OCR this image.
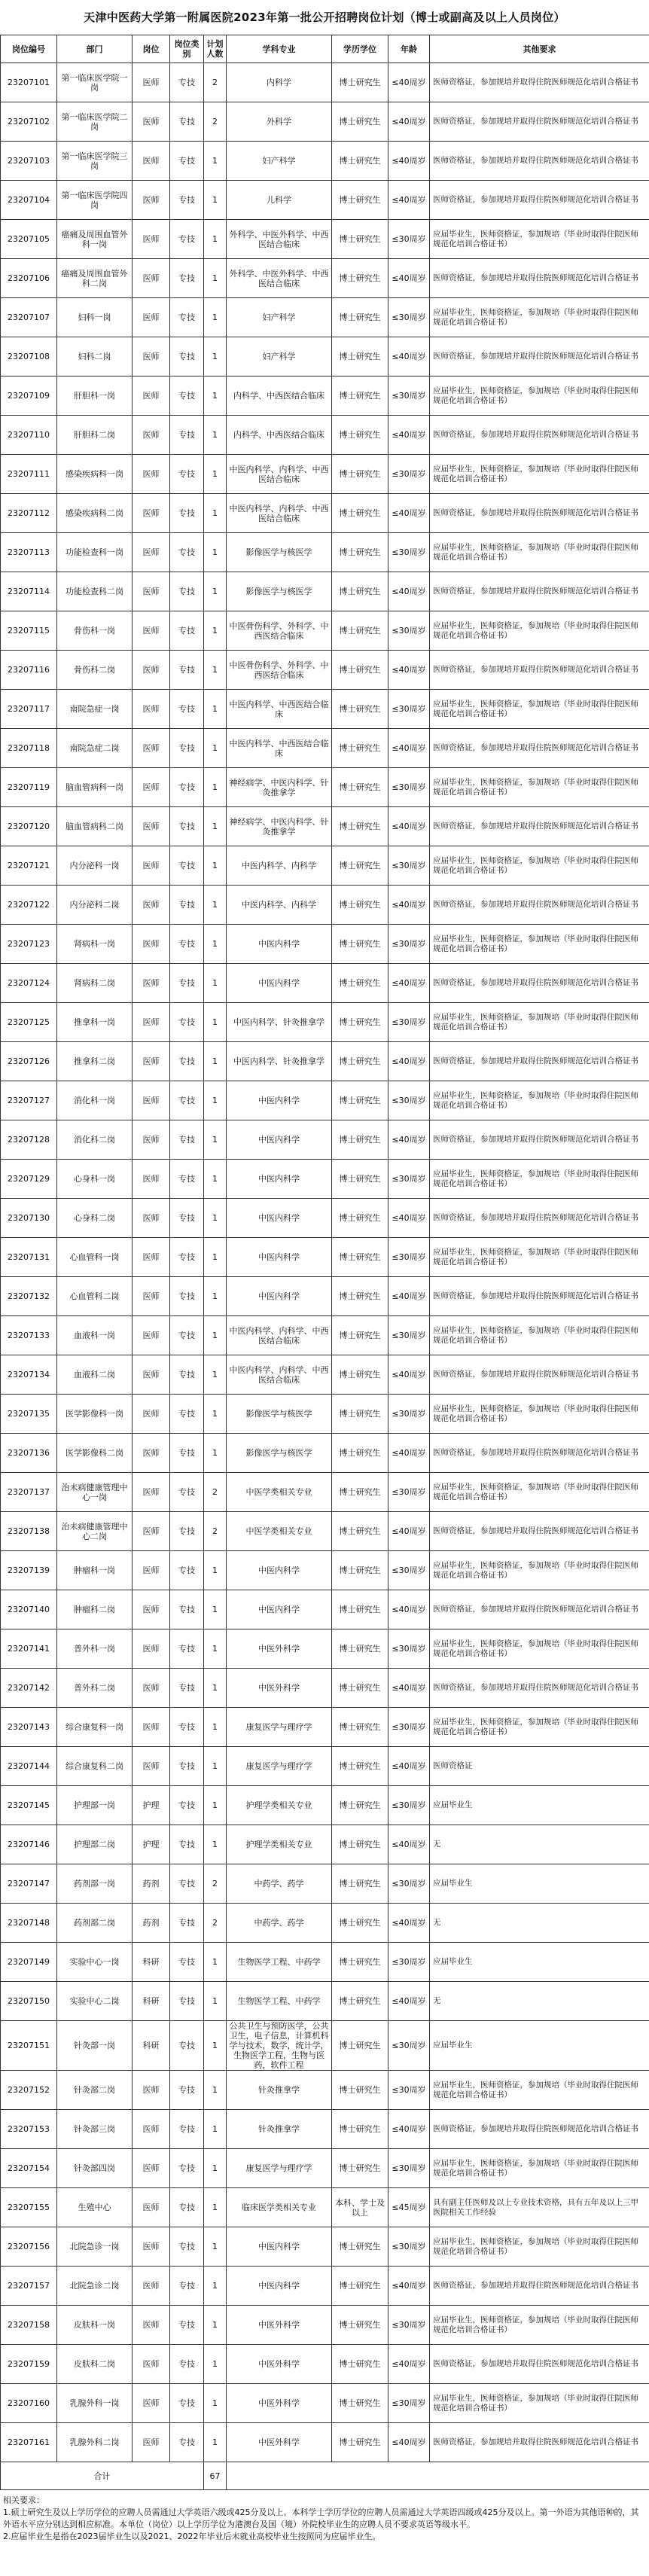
天津中医药大学第一附属医院2023年第一批公开招聘岗位计划（博士或副高及以上人员岗位）
岗位编号	部门	岗位	岗位类别	计划人数	学科专业	学历学位	年龄	其他要求
23207101	第一临床医学院一岗	医师	专技	2	内科学	博士研究生	≤40周岁	医师资格证，参加规培并取得住院医师规范化培训合格证书
23207102	第一临床医学院二岗	医师	专技	2	外科学	博士研究生	≤40周岁	医师资格证，参加规培并取得住院医师规范化培训合格证书
23207103	第一临床医学院三岗	医师	专技	1	妇产科学	博士研究生	≤40周岁	医师资格证，参加规培并取得住院医师规范化培训合格证书
23207104	第一临床医学院四岗	医师	专技	1	儿科学	博士研究生	≤40周岁	医师资格证，参加规培并取得住院医师规范化培训合格证书
23207105	癌痛及周围血管外科一岗	医师	专技	1	外科学、中医外科学、中西医结合临床	博士研究生	≤30周岁	应届毕业生，医师资格证，参加规培（毕业时取得住院医师规范化培训合格证书）
23207106	癌痛及周围血管外科二岗	医师	专技	1	外科学、中医外科学、中西医结合临床	博士研究生	≤40周岁	医师资格证，参加规培并取得住院医师规范化培训合格证书
23207107	妇科一岗	医师	专技	1	妇产科学	博士研究生	≤30周岁	应届毕业生，医师资格证，参加规培（毕业时取得住院医师规范化培训合格证书）
23207108	妇科二岗	医师	专技	1	妇产科学	博士研究生	≤40周岁	医师资格证，参加规培并取得住院医师规范化培训合格证书
23207109	肝胆科一岗	医师	专技	1	内科学、中西医结合临床	博士研究生	≤30周岁	应届毕业生，医师资格证，参加规培（毕业时取得住院医师规范化培训合格证书）
23207110	肝胆科二岗	医师	专技	1	内科学、中西医结合临床	博士研究生	≤40周岁	医师资格证，参加规培并取得住院医师规范化培训合格证书
23207111	感染疾病科一岗	医师	专技	1	中医内科学、内科学、中西医结合临床	博士研究生	≤30周岁	应届毕业生，医师资格证，参加规培（毕业时取得住院医师规范化培训合格证书）
23207112	感染疾病科二岗	医师	专技	1	中医内科学、内科学、中西医结合临床	博士研究生	≤40周岁	医师资格证，参加规培并取得住院医师规范化培训合格证书
23207113	功能检查科一岗	医师	专技	1	影像医学与核医学	博士研究生	≤30周岁	应届毕业生，医师资格证，参加规培（毕业时取得住院医师规范化培训合格证书）
23207114	功能检查科二岗	医师	专技	1	影像医学与核医学	博士研究生	≤40周岁	医师资格证，参加规培并取得住院医师规范化培训合格证书
23207115	骨伤科一岗	医师	专技	1	中医骨伤科学、外科学、中西医结合临床	博士研究生	≤30周岁	应届毕业生，医师资格证，参加规培（毕业时取得住院医师规范化培训合格证书）
23207116	骨伤科二岗	医师	专技	1	中医骨伤科学、外科学、中西医结合临床	博士研究生	≤40周岁	医师资格证，参加规培并取得住院医师规范化培训合格证书
23207117	南院急症一岗	医师	专技	1	中医内科学、中西医结合临床	博士研究生	≤30周岁	应届毕业生，医师资格证，参加规培（毕业时取得住院医师规范化培训合格证书）
23207118	南院急症二岗	医师	专技	1	中医内科学、中西医结合临床	博士研究生	≤40周岁	医师资格证，参加规培并取得住院医师规范化培训合格证书
23207119	脑血管病科一岗	医师	专技	1	神经病学、中医内科学、针灸推拿学	博士研究生	≤30周岁	应届毕业生，医师资格证，参加规培（毕业时取得住院医师规范化培训合格证书）
23207120	脑血管病科二岗	医师	专技	1	神经病学、中医内科学、针灸推拿学	博士研究生	≤40周岁	医师资格证，参加规培并取得住院医师规范化培训合格证书
23207121	内分泌科一岗	医师	专技	1	中医内科学、内科学	博士研究生	≤30周岁	应届毕业生，医师资格证，参加规培（毕业时取得住院医师规范化培训合格证书）
23207122	内分泌科二岗	医师	专技	1	中医内科学、内科学	博士研究生	≤40周岁	医师资格证，参加规培并取得住院医师规范化培训合格证书
23207123	肾病科一岗	医师	专技	1	中医内科学	博士研究生	≤30周岁	应届毕业生，医师资格证，参加规培（毕业时取得住院医师规范化培训合格证书）
23207124	肾病科二岗	医师	专技	1	中医内科学	博士研究生	≤40周岁	医师资格证，参加规培并取得住院医师规范化培训合格证书
23207125	推拿科一岗	医师	专技	1	中医内科学、针灸推拿学	博士研究生	≤30周岁	应届毕业生，医师资格证，参加规培（毕业时取得住院医师规范化培训合格证书）
23207126	推拿科二岗	医师	专技	1	中医内科学、针灸推拿学	博士研究生	≤40周岁	医师资格证，参加规培并取得住院医师规范化培训合格证书
23207127	消化科一岗	医师	专技	1	中医内科学	博士研究生	≤30周岁	应届毕业生，医师资格证，参加规培（毕业时取得住院医师规范化培训合格证书）
23207128	消化科二岗	医师	专技	1	中医内科学	博士研究生	≤40周岁	医师资格证，参加规培并取得住院医师规范化培训合格证书
23207129	心身科一岗	医师	专技	1	中医内科学	博士研究生	≤30周岁	应届毕业生，医师资格证，参加规培（毕业时取得住院医师规范化培训合格证书）
23207130	心身科二岗	医师	专技	1	中医内科学	博士研究生	≤40周岁	医师资格证，参加规培并取得住院医师规范化培训合格证书
23207131	心血管科一岗	医师	专技	1	中医内科学	博士研究生	≤30周岁	应届毕业生，医师资格证，参加规培（毕业时取得住院医师规范化培训合格证书）
23207132	心血管科二岗	医师	专技	1	中医内科学	博士研究生	≤40周岁	医师资格证，参加规培并取得住院医师规范化培训合格证书
23207133	血液科一岗	医师	专技	1	中医内科学、内科学、中西医结合临床	博士研究生	≤30周岁	应届毕业生，医师资格证，参加规培（毕业时取得住院医师规范化培训合格证书）
23207134	血液科二岗	医师	专技	1	中医内科学、内科学、中西医结合临床	博士研究生	≤40周岁	医师资格证，参加规培并取得住院医师规范化培训合格证书
23207135	医学影像科一岗	医师	专技	1	影像医学与核医学	博士研究生	≤30周岁	应届毕业生，医师资格证，参加规培（毕业时取得住院医师规范化培训合格证书）
23207136	医学影像科二岗	医师	专技	1	影像医学与核医学	博士研究生	≤40周岁	医师资格证，参加规培并取得住院医师规范化培训合格证书
23207137	治未病健康管理中心一岗	医师	专技	2	中医学类相关专业	博士研究生	≤30周岁	应届毕业生，医师资格证，参加规培（毕业时取得住院医师规范化培训合格证书）
23207138	治未病健康管理中心二岗	医师	专技	2	中医学类相关专业	博士研究生	≤40周岁	医师资格证，参加规培并取得住院医师规范化培训合格证书
23207139	肿瘤科一岗	医师	专技	1	中医内科学	博士研究生	≤30周岁	应届毕业生，医师资格证，参加规培（毕业时取得住院医师规范化培训合格证书）
23207140	肿瘤科二岗	医师	专技	1	中医内科学	博士研究生	≤40周岁	医师资格证，参加规培并取得住院医师规范化培训合格证书
23207141	普外科一岗	医师	专技	1	中医外科学	博士研究生	≤30周岁	应届毕业生，医师资格证，参加规培（毕业时取得住院医师规范化培训合格证书）
23207142	普外科二岗	医师	专技	1	中医外科学	博士研究生	≤40周岁	医师资格证，参加规培并取得住院医师规范化培训合格证书
23207143	综合康复科一岗	医师	专技	1	康复医学与理疗学	博士研究生	≤30周岁	应届毕业生，医师资格证，参加规培（毕业时取得住院医师规范化培训合格证书）
23207144	综合康复科二岗	医师	专技	1	康复医学与理疗学	博士研究生	≤40周岁	医师资格证
23207145	护理部一岗	护理	专技	1	护理学类相关专业	博士研究生	≤30周岁	应届毕业生
23207146	护理部二岗	护理	专技	1	护理学类相关专业	博士研究生	≤40周岁	无
23207147	药剂部一岗	药剂	专技	2	中药学、药学	博士研究生	≤30周岁	应届毕业生
23207148	药剂部二岗	药剂	专技	2	中药学、药学	博士研究生	≤40周岁	无
23207149	实验中心一岗	科研	专技	1	生物医学工程、中药学	博士研究生	≤30周岁	应届毕业生
23207150	实验中心二岗	科研	专技	1	生物医学工程、中药学	博士研究生	≤40周岁	无
23207151	针灸部一岗	科研	专技	1	公共卫生与预防医学，公共卫生，电子信息，计算机科学与技术，数学，统计学，生物医学工程，生物与医药，软件工程	博士研究生	≤30周岁	应届毕业生
23207152	针灸部二岗	医师	专技	1	针灸推拿学	博士研究生	≤30周岁	应届毕业生，医师资格证，参加规培（毕业时取得住院医师规范化培训合格证书）
23207153	针灸部三岗	医师	专技	1	针灸推拿学	博士研究生	≤40周岁	医师资格证，参加规培并取得住院医师规范化培训合格证书
23207154	针灸部四岗	医师	专技	1	康复医学与理疗学	博士研究生	≤30周岁	应届毕业生，医师资格证，参加规培（毕业时取得住院医师规范化培训合格证书）
23207155	生殖中心	医师	专技	1	临床医学类相关专业	本科、学士及以上	≤45周岁	具有副主任医师及以上专业技术资格，具有五年及以上三甲医院相关工作经验
23207156	北院急诊一岗	医师	专技	1	中医内科学	博士研究生	≤30周岁	应届毕业生，医师资格证，参加规培（毕业时取得住院医师规范化培训合格证书）
23207157	北院急诊二岗	医师	专技	1	中医内科学	博士研究生	≤40周岁	医师资格证，参加规培并取得住院医师规范化培训合格证书
23207158	皮肤科一岗	医师	专技	1	中医外科学	博士研究生	≤30周岁	应届毕业生，医师资格证，参加规培（毕业时取得住院医师规范化培训合格证书）
23207159	皮肤科二岗	医师	专技	1	中医外科学	博士研究生	≤40周岁	医师资格证，参加规培并取得住院医师规范化培训合格证书
23207160	乳腺外科一岗	医师	专技	1	中医外科学	博士研究生	≤30周岁	应届毕业生，医师资格证，参加规培（毕业时取得住院医师规范化培训合格证书）
23207161	乳腺外科二岗	医师	专技	1	中医外科学	博士研究生	≤40周岁	医师资格证，参加规培并取得住院医师规范化培训合格证书
合计				67				

相关要求：

1.硕士研究生及以上学历学位的应聘人员需通过大学英语六级或425分及以上。本科学士学历学位的应聘人员需通过大学英语四级或425分及以上。第一外语为其他语种的，其外语水平应分别达到相应标准。本单位（岗位）以上学历学位为港澳台及国（境）外院校毕业生的应聘人员不要求英语等级水平。

2.应届毕业生是指在2023届毕业生以及2021、2022年毕业后未就业高校毕业生按照同为应届毕业生。
